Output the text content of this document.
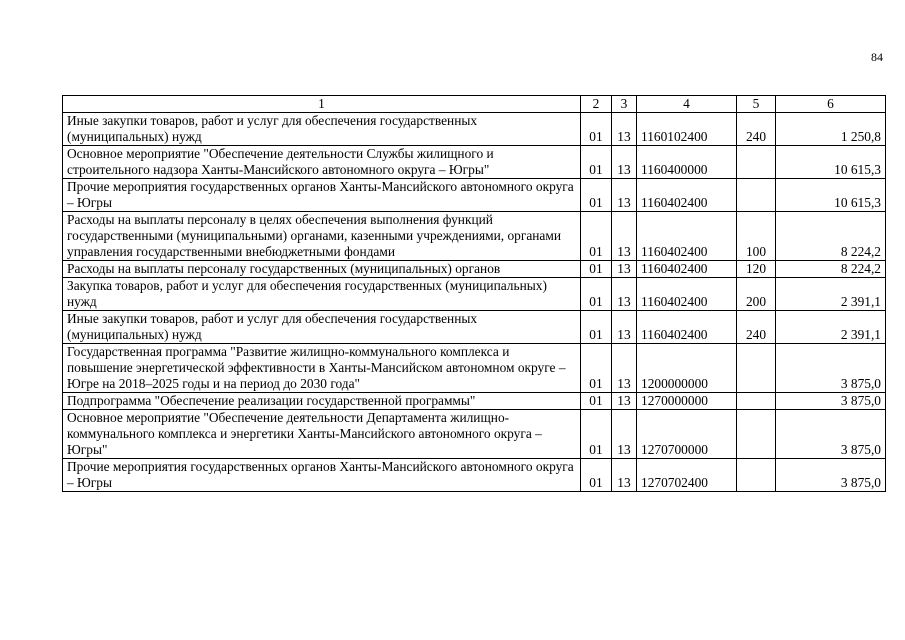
84
1	2	3	4	5	6
Иные закупки товаров, работ и услуг для обеспечения государственных (муниципальных) нужд	01	13	1160102400	240	1 250,8
Основное мероприятие "Обеспечение деятельности Службы жилищного и строительного надзора Ханты-Мансийского автономного округа – Югры"	01	13	1160400000		10 615,3
Прочие мероприятия государственных органов Ханты-Мансийского автономного округа – Югры	01	13	1160402400		10 615,3
Расходы на выплаты персоналу в целях обеспечения выполнения функций государственными (муниципальными) органами, казенными учреждениями, органами управления государственными внебюджетными фондами	01	13	1160402400	100	8 224,2
Расходы на выплаты персоналу государственных (муниципальных) органов	01	13	1160402400	120	8 224,2
Закупка товаров, работ и услуг для обеспечения государственных (муниципальных) нужд	01	13	1160402400	200	2 391,1
Иные закупки товаров, работ и услуг для обеспечения государственных (муниципальных) нужд	01	13	1160402400	240	2 391,1
Государственная программа "Развитие жилищно-коммунального комплекса и повышение энергетической эффективности в Ханты-Мансийском автономном округе – Югре на 2018–2025 годы и на период до 2030 года"	01	13	1200000000		3 875,0
Подпрограмма "Обеспечение реализации государственной программы"	01	13	1270000000		3 875,0
Основное мероприятие "Обеспечение деятельности Департамента жилищно-коммунального комплекса и энергетики Ханты-Мансийского автономного округа – Югры"	01	13	1270700000		3 875,0
Прочие мероприятия государственных органов Ханты-Мансийского автономного округа – Югры	01	13	1270702400		3 875,0
